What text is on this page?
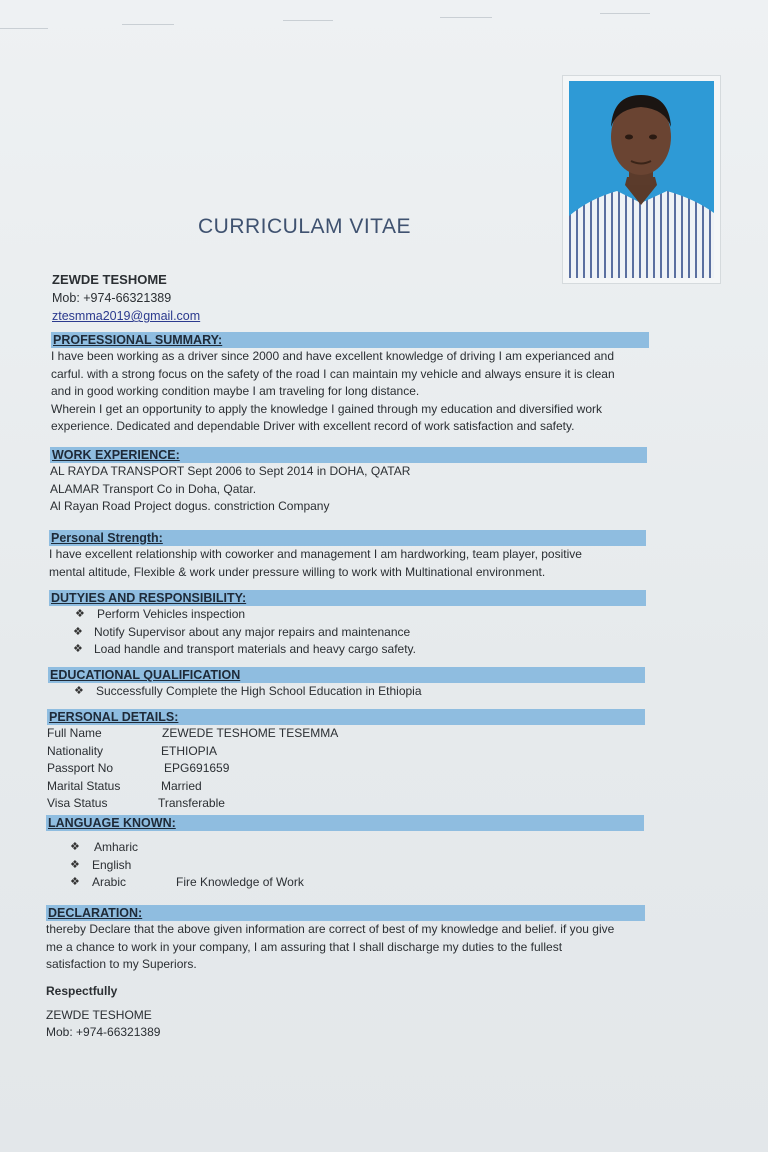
CURRICULAM VITAE
ZEWDE TESHOME
Mob: +974-66321389
ztesmma2019@gmail.com
PROFESSIONAL SUMMARY:
I have been working as a driver since 2000 and have excellent knowledge of driving I am experianced and
carful. with a strong focus on the safety of the road I can maintain my vehicle and always ensure it is clean
and in good working condition maybe I am traveling for long distance.
Wherein I get an opportunity to apply the knowledge I gained through my education and diversified work
experience. Dedicated and dependable Driver with excellent record of work satisfaction and safety.
WORK EXPERIENCE:
AL RAYDA TRANSPORT Sept 2006 to Sept 2014 in DOHA, QATAR
ALAMAR Transport Co in Doha, Qatar.
Al Rayan Road Project dogus. constriction Company
Personal Strength:
I have excellent relationship with coworker and management I am hardworking, team player, positive
mental altitude, Flexible & work under pressure willing to work with Multinational environment.
DUTYIES AND RESPONSIBILITY:
❖ Perform Vehicles inspection
❖ Notify Supervisor about any major repairs and maintenance
❖ Load handle and transport materials and heavy cargo safety.
EDUCATIONAL QUALIFICATION
❖ Successfully Complete the High School Education in Ethiopia
PERSONAL DETAILS:
Full Name	ZEWEDE TESHOME TESEMMA
Nationality	ETHIOPIA
Passport No	EPG691659
Marital Status	Married
Visa Status	Transferable
LANGUAGE KNOWN:
❖ Amharic
❖ English
❖ Arabic	Fire Knowledge of Work
DECLARATION:
thereby Declare that the above given information are correct of best of my knowledge and belief. if you give
me a chance to work in your company, I am assuring that I shall discharge my duties to the fullest
satisfaction to my Superiors.
Respectfully
ZEWDE TESHOME
Mob: +974-66321389
